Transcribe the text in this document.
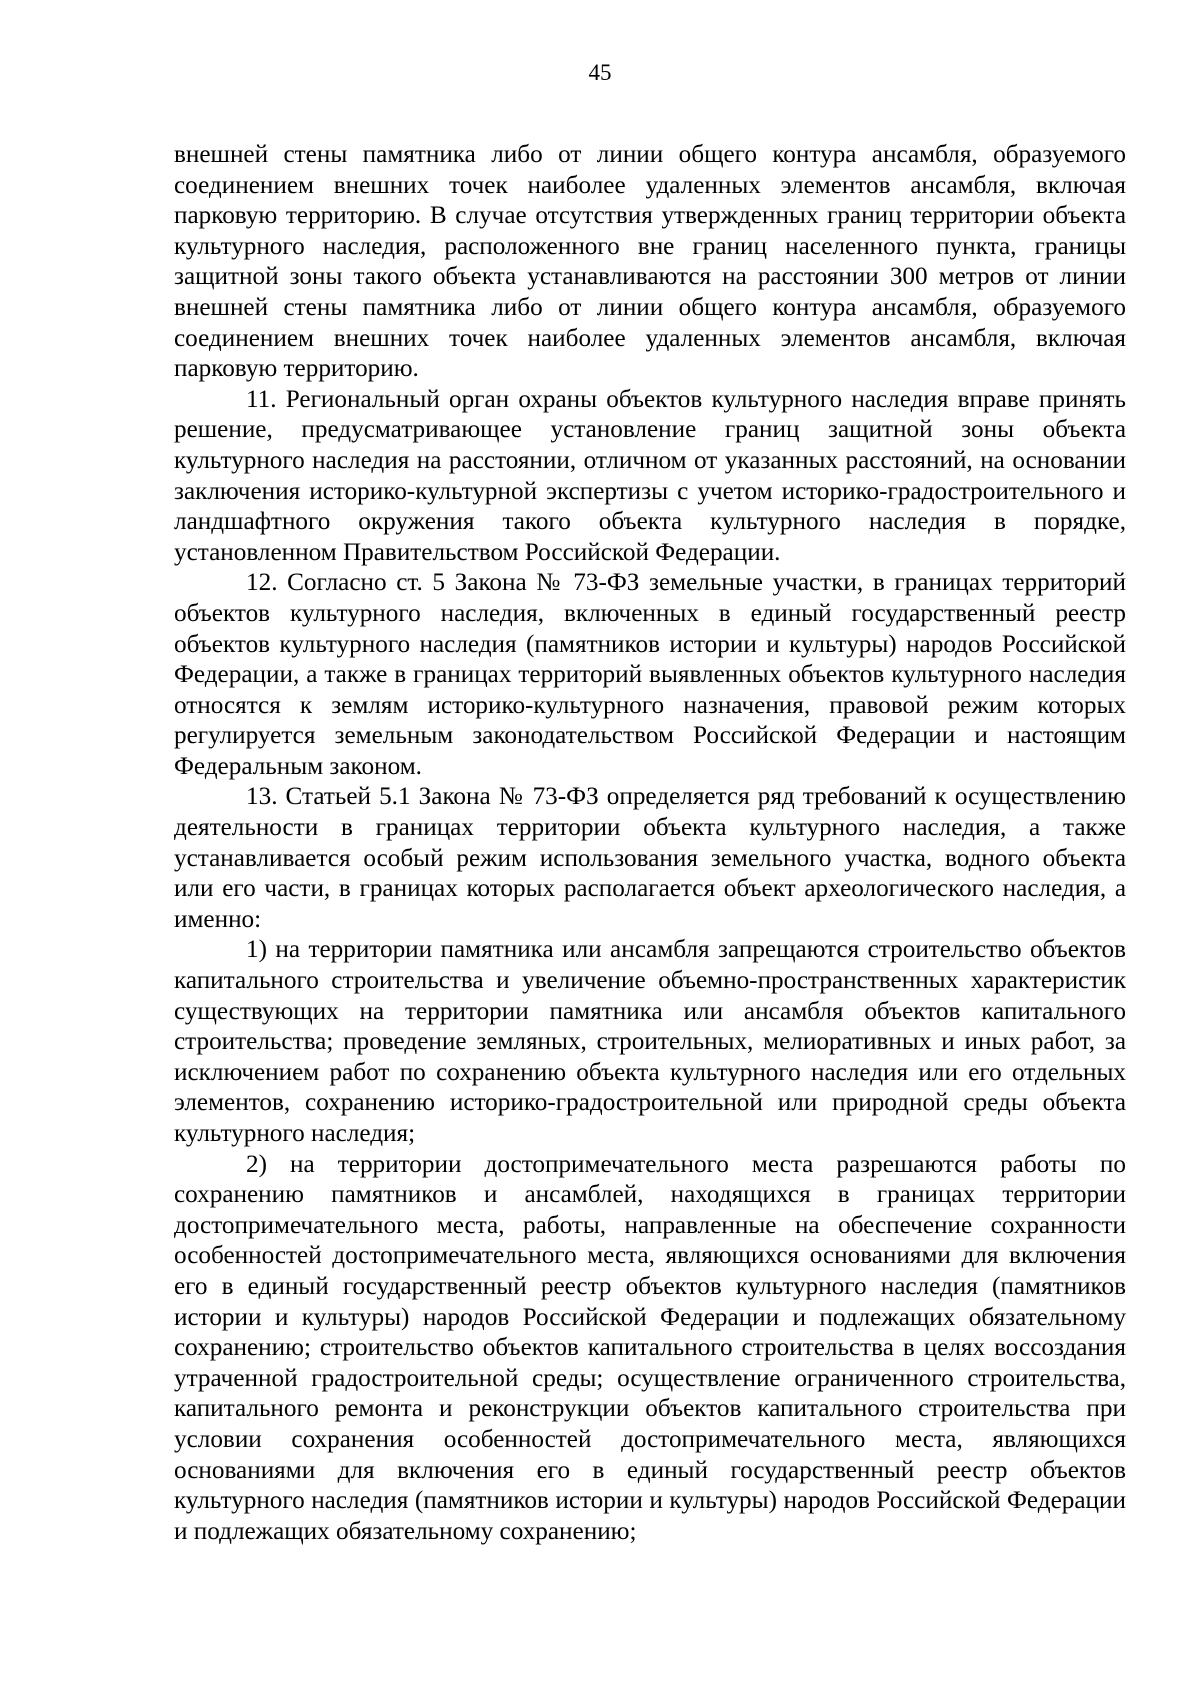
45

внешней стены памятника либо от линии общего контура ансамбля, образуемого соединением внешних точек наиболее удаленных элементов ансамбля, включая парковую территорию. В случае отсутствия утвержденных границ территории объекта культурного наследия, расположенного вне границ населенного пункта, границы защитной зоны такого объекта устанавливаются на расстоянии 300 метров от линии внешней стены памятника либо от линии общего контура ансамбля, образуемого соединением внешних точек наиболее удаленных элементов ансамбля, включая парковую территорию.

11. Региональный орган охраны объектов культурного наследия вправе принять решение, предусматривающее установление границ защитной зоны объекта культурного наследия на расстоянии, отличном от указанных расстояний, на основании заключения историко-культурной экспертизы с учетом историко-градостроительного и ландшафтного окружения такого объекта культурного наследия в порядке, установленном Правительством Российской Федерации.

12. Согласно ст. 5 Закона № 73-ФЗ земельные участки, в границах территорий объектов культурного наследия, включенных в единый государственный реестр объектов культурного наследия (памятников истории и культуры) народов Российской Федерации, а также в границах территорий выявленных объектов культурного наследия относятся к землям историко-культурного назначения, правовой режим которых регулируется земельным законодательством Российской Федерации и настоящим Федеральным законом.

13. Статьей 5.1 Закона № 73-ФЗ определяется ряд требований к осуществлению деятельности в границах территории объекта культурного наследия, а также устанавливается особый режим использования земельного участка, водного объекта или его части, в границах которых располагается объект археологического наследия, а именно:

1) на территории памятника или ансамбля запрещаются строительство объектов капитального строительства и увеличение объемно-пространственных характеристик существующих на территории памятника или ансамбля объектов капитального строительства; проведение земляных, строительных, мелиоративных и иных работ, за исключением работ по сохранению объекта культурного наследия или его отдельных элементов, сохранению историко-градостроительной или природной среды объекта культурного наследия;

2) на территории достопримечательного места разрешаются работы по сохранению памятников и ансамблей, находящихся в границах территории достопримечательного места, работы, направленные на обеспечение сохранности особенностей достопримечательного места, являющихся основаниями для включения его в единый государственный реестр объектов культурного наследия (памятников истории и культуры) народов Российской Федерации и подлежащих обязательному сохранению; строительство объектов капитального строительства в целях воссоздания утраченной градостроительной среды; осуществление ограниченного строительства, капитального ремонта и реконструкции объектов капитального строительства при условии сохранения особенностей достопримечательного места, являющихся основаниями для включения его в единый государственный реестр объектов культурного наследия (памятников истории и культуры) народов Российской Федерации и подлежащих обязательному сохранению;
